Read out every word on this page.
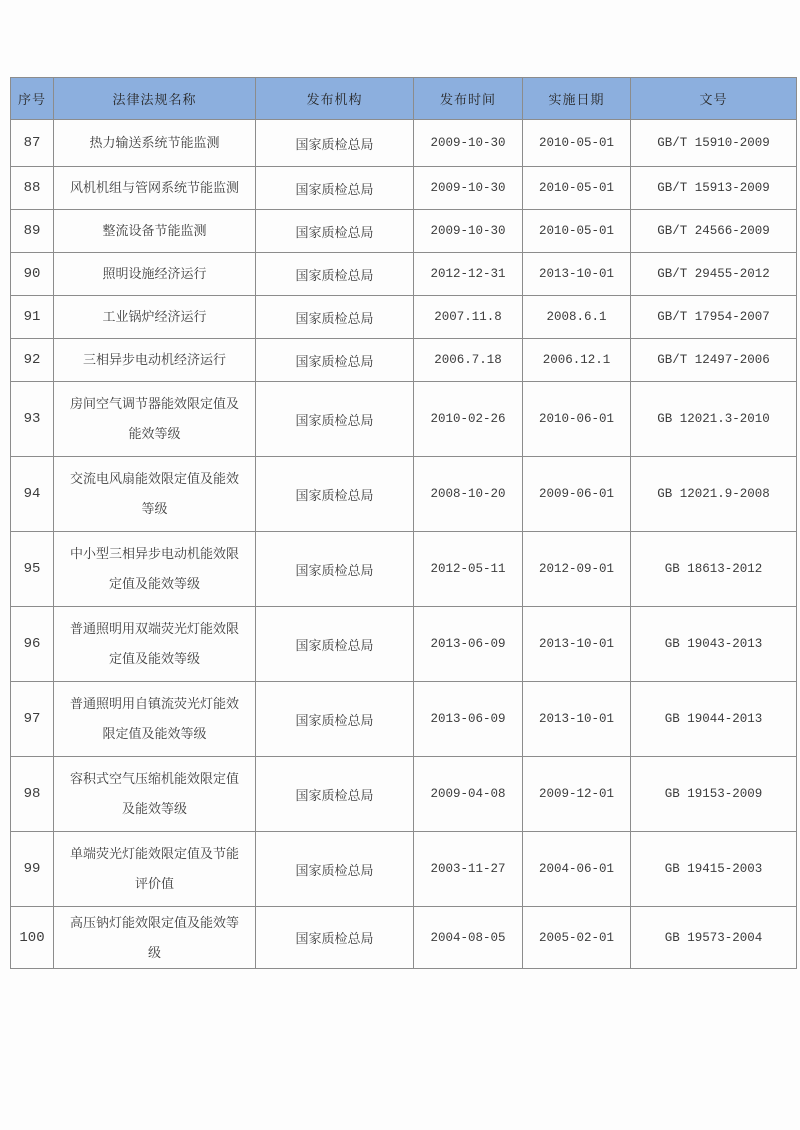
序号	法律法规名称	发布机构	发布时间	实施日期	文号
87	热力输送系统节能监测	国家质检总局	2009-10-30	2010-05-01	GB/T 15910-2009
88	风机机组与管网系统节能监测	国家质检总局	2009-10-30	2010-05-01	GB/T 15913-2009
89	整流设备节能监测	国家质检总局	2009-10-30	2010-05-01	GB/T 24566-2009
90	照明设施经济运行	国家质检总局	2012-12-31	2013-10-01	GB/T 29455-2012
91	工业锅炉经济运行	国家质检总局	2007.11.8	2008.6.1	GB/T 17954-2007
92	三相异步电动机经济运行	国家质检总局	2006.7.18	2006.12.1	GB/T 12497-2006
93	房间空气调节器能效限定值及能效等级	国家质检总局	2010-02-26	2010-06-01	GB 12021.3-2010
94	交流电风扇能效限定值及能效等级	国家质检总局	2008-10-20	2009-06-01	GB 12021.9-2008
95	中小型三相异步电动机能效限定值及能效等级	国家质检总局	2012-05-11	2012-09-01	GB 18613-2012
96	普通照明用双端荧光灯能效限定值及能效等级	国家质检总局	2013-06-09	2013-10-01	GB 19043-2013
97	普通照明用自镇流荧光灯能效限定值及能效等级	国家质检总局	2013-06-09	2013-10-01	GB 19044-2013
98	容积式空气压缩机能效限定值及能效等级	国家质检总局	2009-04-08	2009-12-01	GB 19153-2009
99	单端荧光灯能效限定值及节能评价值	国家质检总局	2003-11-27	2004-06-01	GB 19415-2003
100	高压钠灯能效限定值及能效等级	国家质检总局	2004-08-05	2005-02-01	GB 19573-2004
